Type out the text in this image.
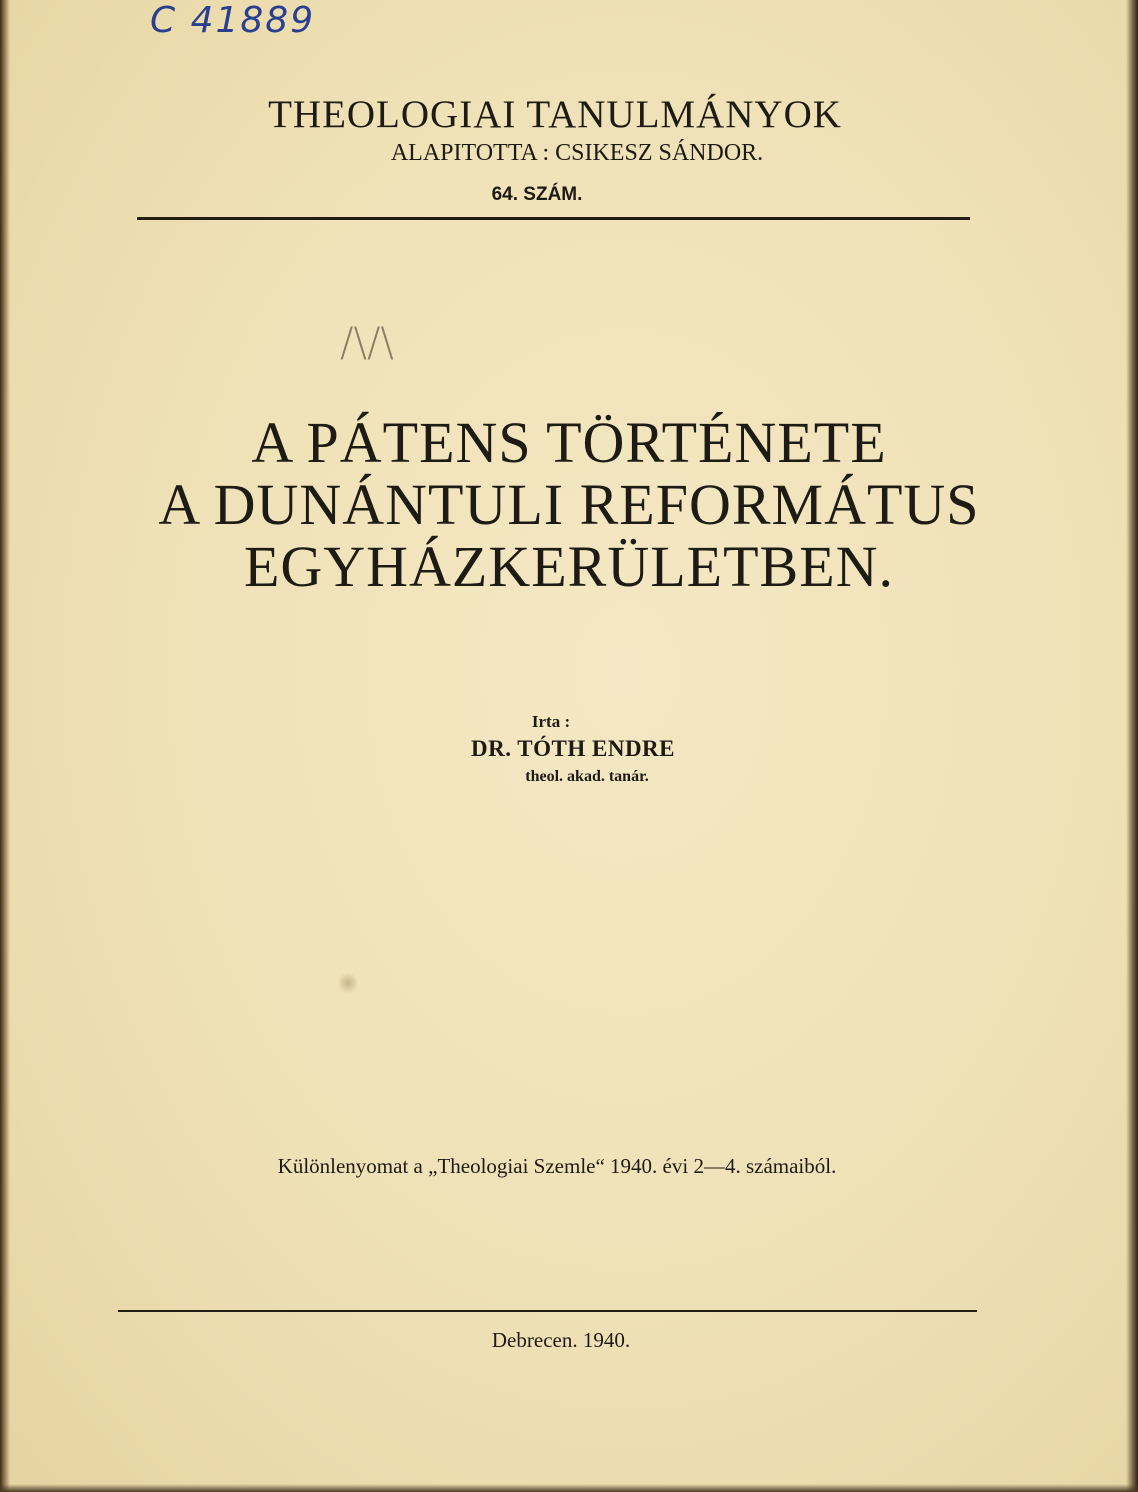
C 41889
THEOLOGIAI TANULMÁNYOK
ALAPITOTTA : CSIKESZ SÁNDOR.
64. SZÁM.
/\/\
A PÁTENS TÖRTÉNETE
A DUNÁNTULI REFORMÁTUS
EGYHÁZKERÜLETBEN.
Irta :
DR. TÓTH ENDRE
theol. akad. tanár.
Különlenyomat a „Theologiai Szemle“ 1940. évi 2—4. számaiból.
Debrecen. 1940.
